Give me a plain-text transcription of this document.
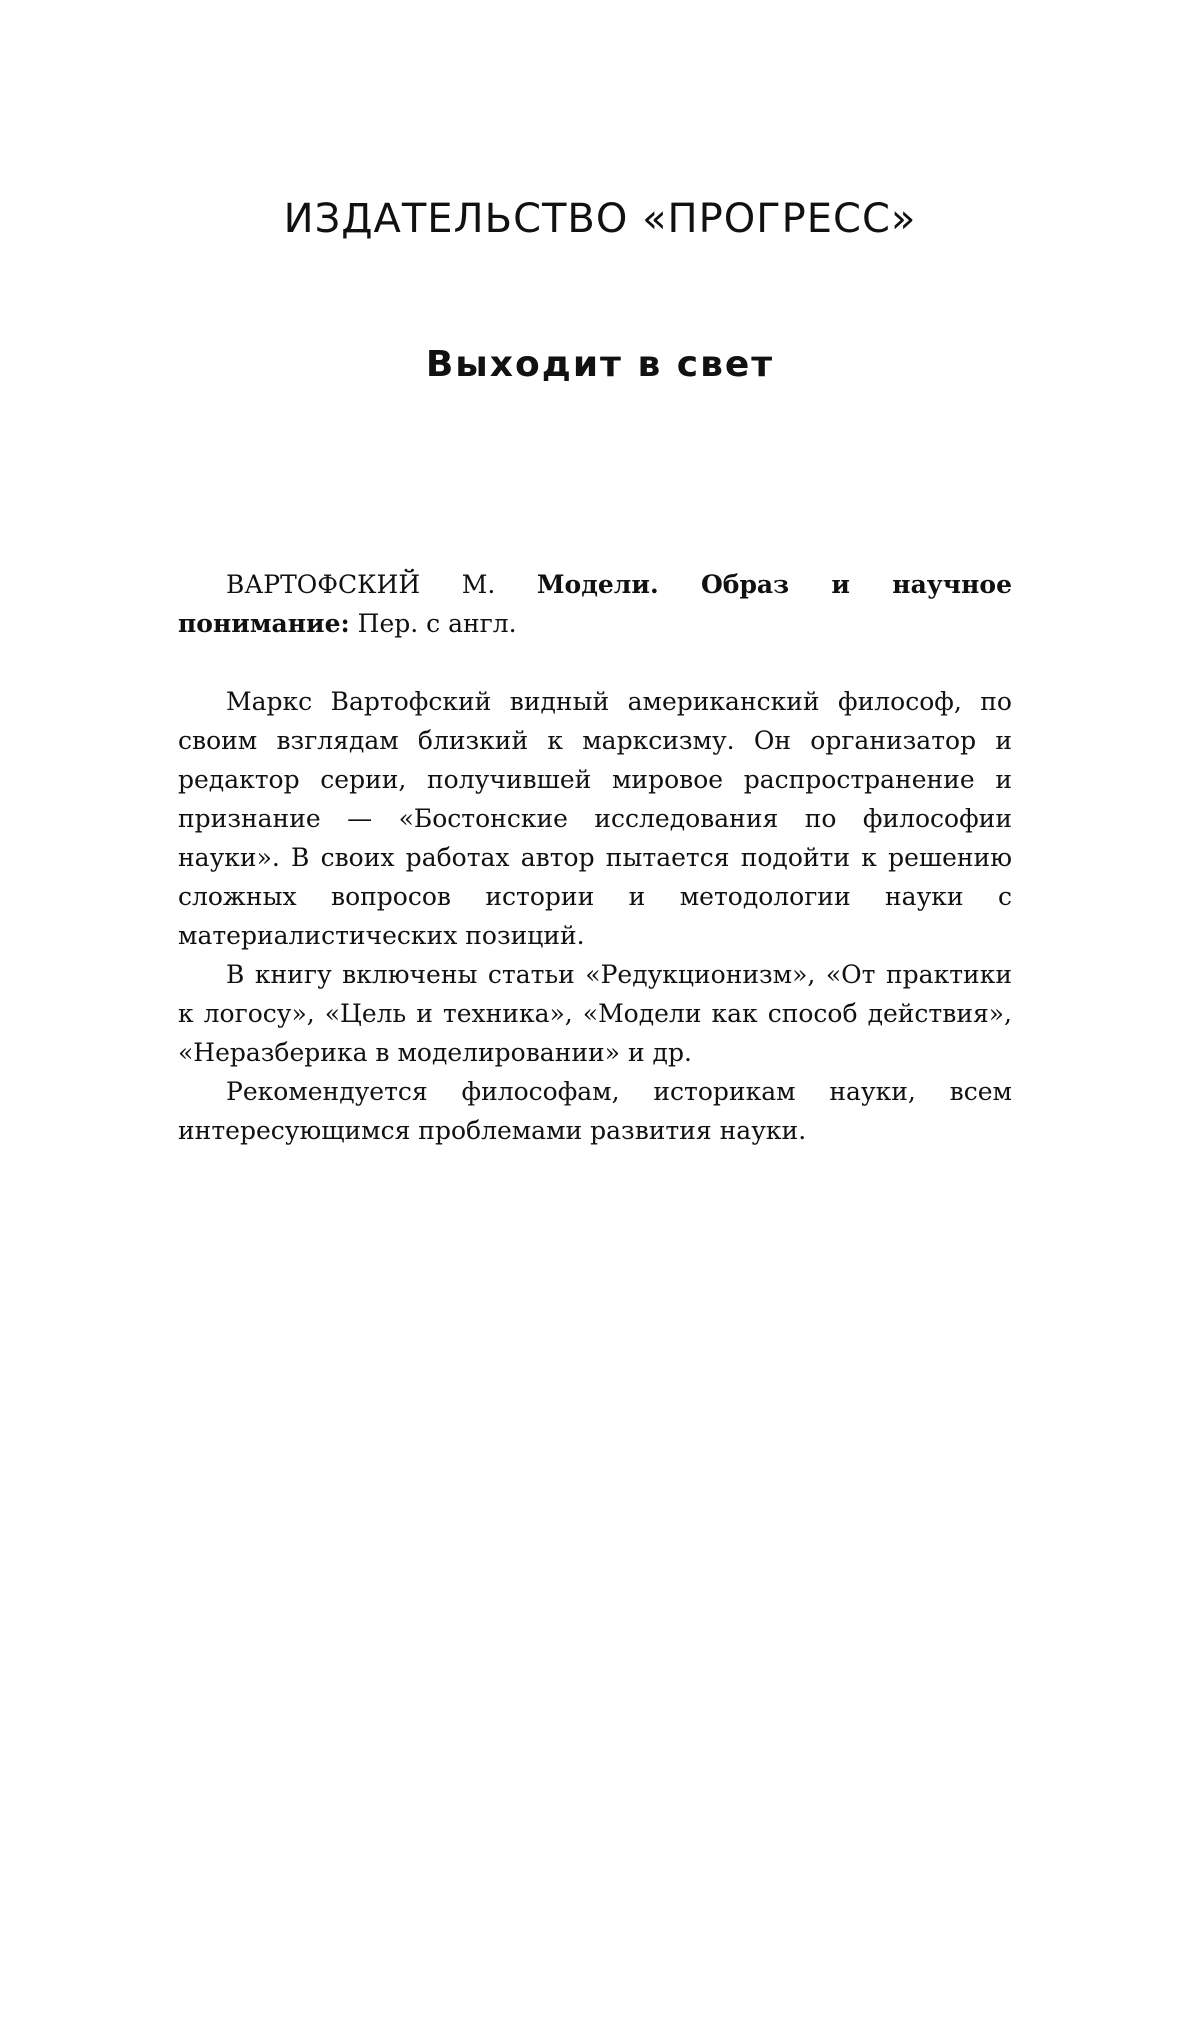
ИЗДАТЕЛЬСТВО «ПРОГРЕСС»
Выходит в свет

ВАРТОФСКИЙ М. Модели. Образ и научное понимание: Пер. с англ.

Маркс Вартофский видный американский философ, по своим взглядам близкий к марксизму. Он организатор и редактор серии, получившей мировое распространение и признание — «Бостонские исследования по философии науки». В своих работах автор пытается подойти к решению сложных вопросов истории и методологии науки с материалистических позиций.

В книгу включены статьи «Редукционизм», «От практики к логосу», «Цель и техника», «Модели как способ действия», «Неразберика в моделировании» и др.

Рекомендуется философам, историкам науки, всем интересующимся проблемами развития науки.
